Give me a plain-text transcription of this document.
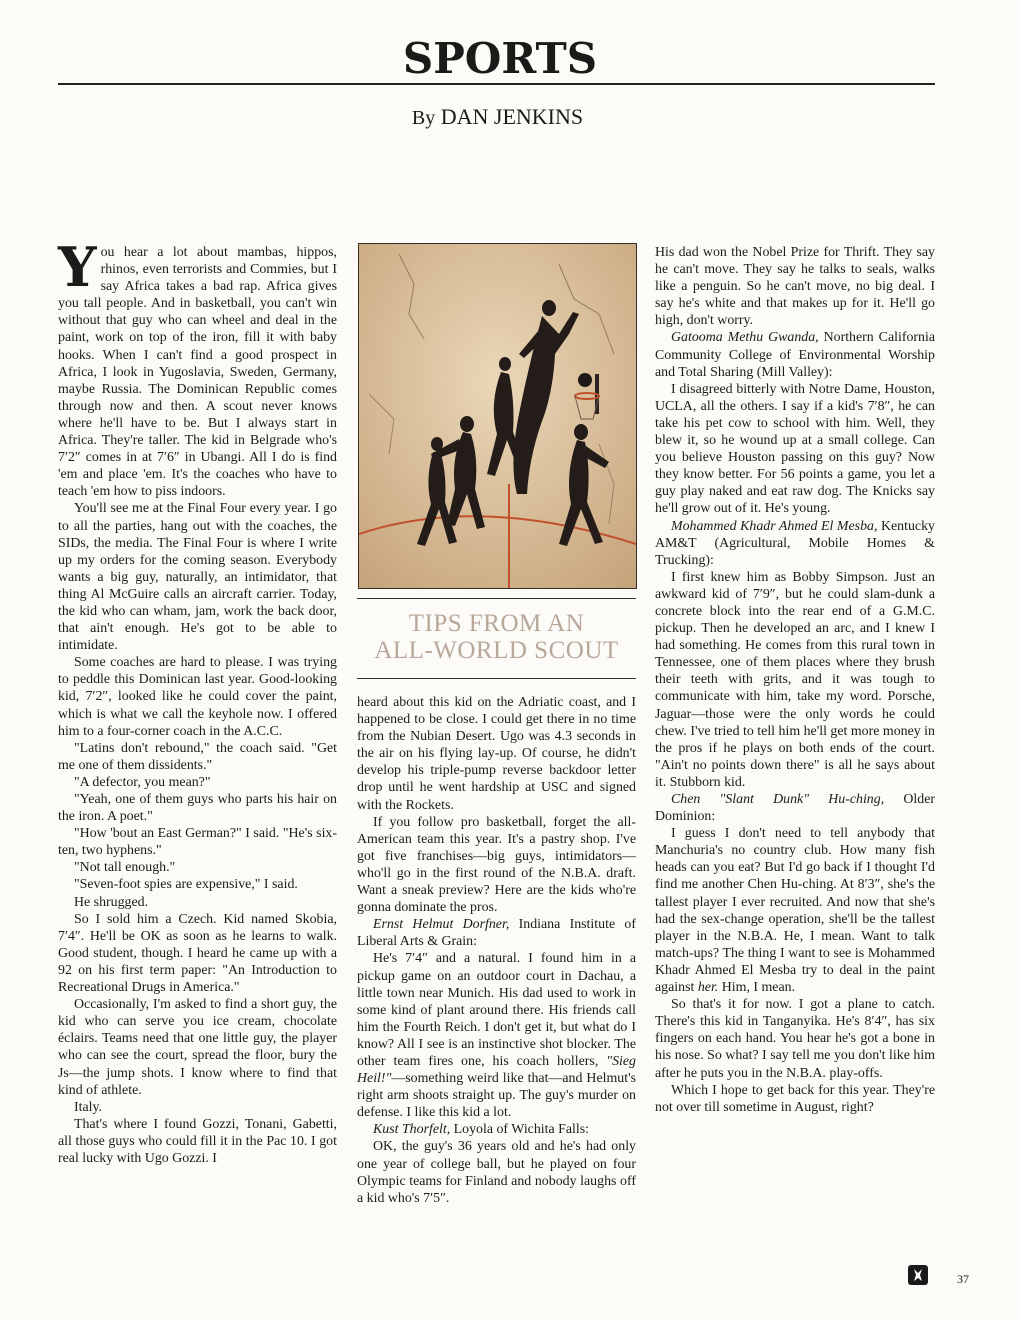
SPORTS
By DAN JENKINS

You hear a lot about mambas, hippos, rhinos, even terrorists and Commies, but I say Africa takes a bad rap. Africa gives you tall people. And in basketball, you can't win without that guy who can wheel and deal in the paint, work on top of the iron, fill it with baby hooks. When I can't find a good prospect in Africa, I look in Yugoslavia, Sweden, Germany, maybe Russia. The Dominican Republic comes through now and then. A scout never knows where he'll have to be. But I always start in Africa. They're taller. The kid in Belgrade who's 7′2″ comes in at 7′6″ in Ubangi. All I do is find 'em and place 'em. It's the coaches who have to teach 'em how to piss indoors.

You'll see me at the Final Four every year. I go to all the parties, hang out with the coaches, the SIDs, the media. The Final Four is where I write up my orders for the coming season. Everybody wants a big guy, naturally, an intimidator, that thing Al McGuire calls an aircraft carrier. Today, the kid who can wham, jam, work the back door, that ain't enough. He's got to be able to intimidate.

Some coaches are hard to please. I was trying to peddle this Dominican last year. Good-looking kid, 7′2″, looked like he could cover the paint, which is what we call the keyhole now. I offered him to a four-corner coach in the A.C.C.

"Latins don't rebound," the coach said. "Get me one of them dissidents."

"A defector, you mean?"

"Yeah, one of them guys who parts his hair on the iron. A poet."

"How 'bout an East German?" I said. "He's six-ten, two hyphens."

"Not tall enough."

"Seven-foot spies are expensive," I said.

He shrugged.

So I sold him a Czech. Kid named Skobia, 7′4″. He'll be OK as soon as he learns to walk. Good student, though. I heard he came up with a 92 on his first term paper: "An Introduction to Recreational Drugs in America."

Occasionally, I'm asked to find a short guy, the kid who can serve you ice cream, chocolate éclairs. Teams need that one little guy, the player who can see the court, spread the floor, bury the Js—the jump shots. I know where to find that kind of athlete.

Italy.

That's where I found Gozzi, Tonani, Gabetti, all those guys who could fill it in the Pac 10. I got real lucky with Ugo Gozzi. I

TIPS FROM AN
ALL-WORLD SCOUT

heard about this kid on the Adriatic coast, and I happened to be close. I could get there in no time from the Nubian Desert. Ugo was 4.3 seconds in the air on his flying lay-up. Of course, he didn't develop his triple-pump reverse backdoor letter drop until he went hardship at USC and signed with the Rockets.

If you follow pro basketball, forget the all-American team this year. It's a pastry shop. I've got five franchises—big guys, intimidators—who'll go in the first round of the N.B.A. draft. Want a sneak preview? Here are the kids who're gonna dominate the pros.

Ernst Helmut Dorfner, Indiana Institute of Liberal Arts & Grain:

He's 7′4″ and a natural. I found him in a pickup game on an outdoor court in Dachau, a little town near Munich. His dad used to work in some kind of plant around there. His friends call him the Fourth Reich. I don't get it, but what do I know? All I see is an instinctive shot blocker. The other team fires one, his coach hollers, "Sieg Heil!"—something weird like that—and Helmut's right arm shoots straight up. The guy's murder on defense. I like this kid a lot.

Kust Thorfelt, Loyola of Wichita Falls:

OK, the guy's 36 years old and he's had only one year of college ball, but he played on four Olympic teams for Finland and nobody laughs off a kid who's 7′5″.

His dad won the Nobel Prize for Thrift. They say he can't move. They say he talks to seals, walks like a penguin. So he can't move, no big deal. I say he's white and that makes up for it. He'll go high, don't worry.

Gatooma Methu Gwanda, Northern California Community College of Environmental Worship and Total Sharing (Mill Valley):

I disagreed bitterly with Notre Dame, Houston, UCLA, all the others. I say if a kid's 7′8″, he can take his pet cow to school with him. Well, they blew it, so he wound up at a small college. Can you believe Houston passing on this guy? Now they know better. For 56 points a game, you let a guy play naked and eat raw dog. The Knicks say he'll grow out of it. He's young.

Mohammed Khadr Ahmed El Mesba, Kentucky AM&T (Agricultural, Mobile Homes & Trucking):

I first knew him as Bobby Simpson. Just an awkward kid of 7′9″, but he could slam-dunk a concrete block into the rear end of a G.M.C. pickup. Then he developed an arc, and I knew I had something. He comes from this rural town in Tennessee, one of them places where they brush their teeth with grits, and it was tough to communicate with him, take my word. Porsche, Jaguar—those were the only words he could chew. I've tried to tell him he'll get more money in the pros if he plays on both ends of the court. "Ain't no points down there" is all he says about it. Stubborn kid.

Chen "Slant Dunk" Hu-ching, Older Dominion:

I guess I don't need to tell anybody that Manchuria's no country club. How many fish heads can you eat? But I'd go back if I thought I'd find me another Chen Hu-ching. At 8′3″, she's the tallest player I ever recruited. And now that she's had the sex-change operation, she'll be the tallest player in the N.B.A. He, I mean. Want to talk match-ups? The thing I want to see is Mohammed Khadr Ahmed El Mesba try to deal in the paint against her. Him, I mean.

So that's it for now. I got a plane to catch. There's this kid in Tanganyika. He's 8′4″, has six fingers on each hand. You hear he's got a bone in his nose. So what? I say tell me you don't like him after he puts you in the N.B.A. play-offs.

Which I hope to get back for this year. They're not over till sometime in August, right?

37
